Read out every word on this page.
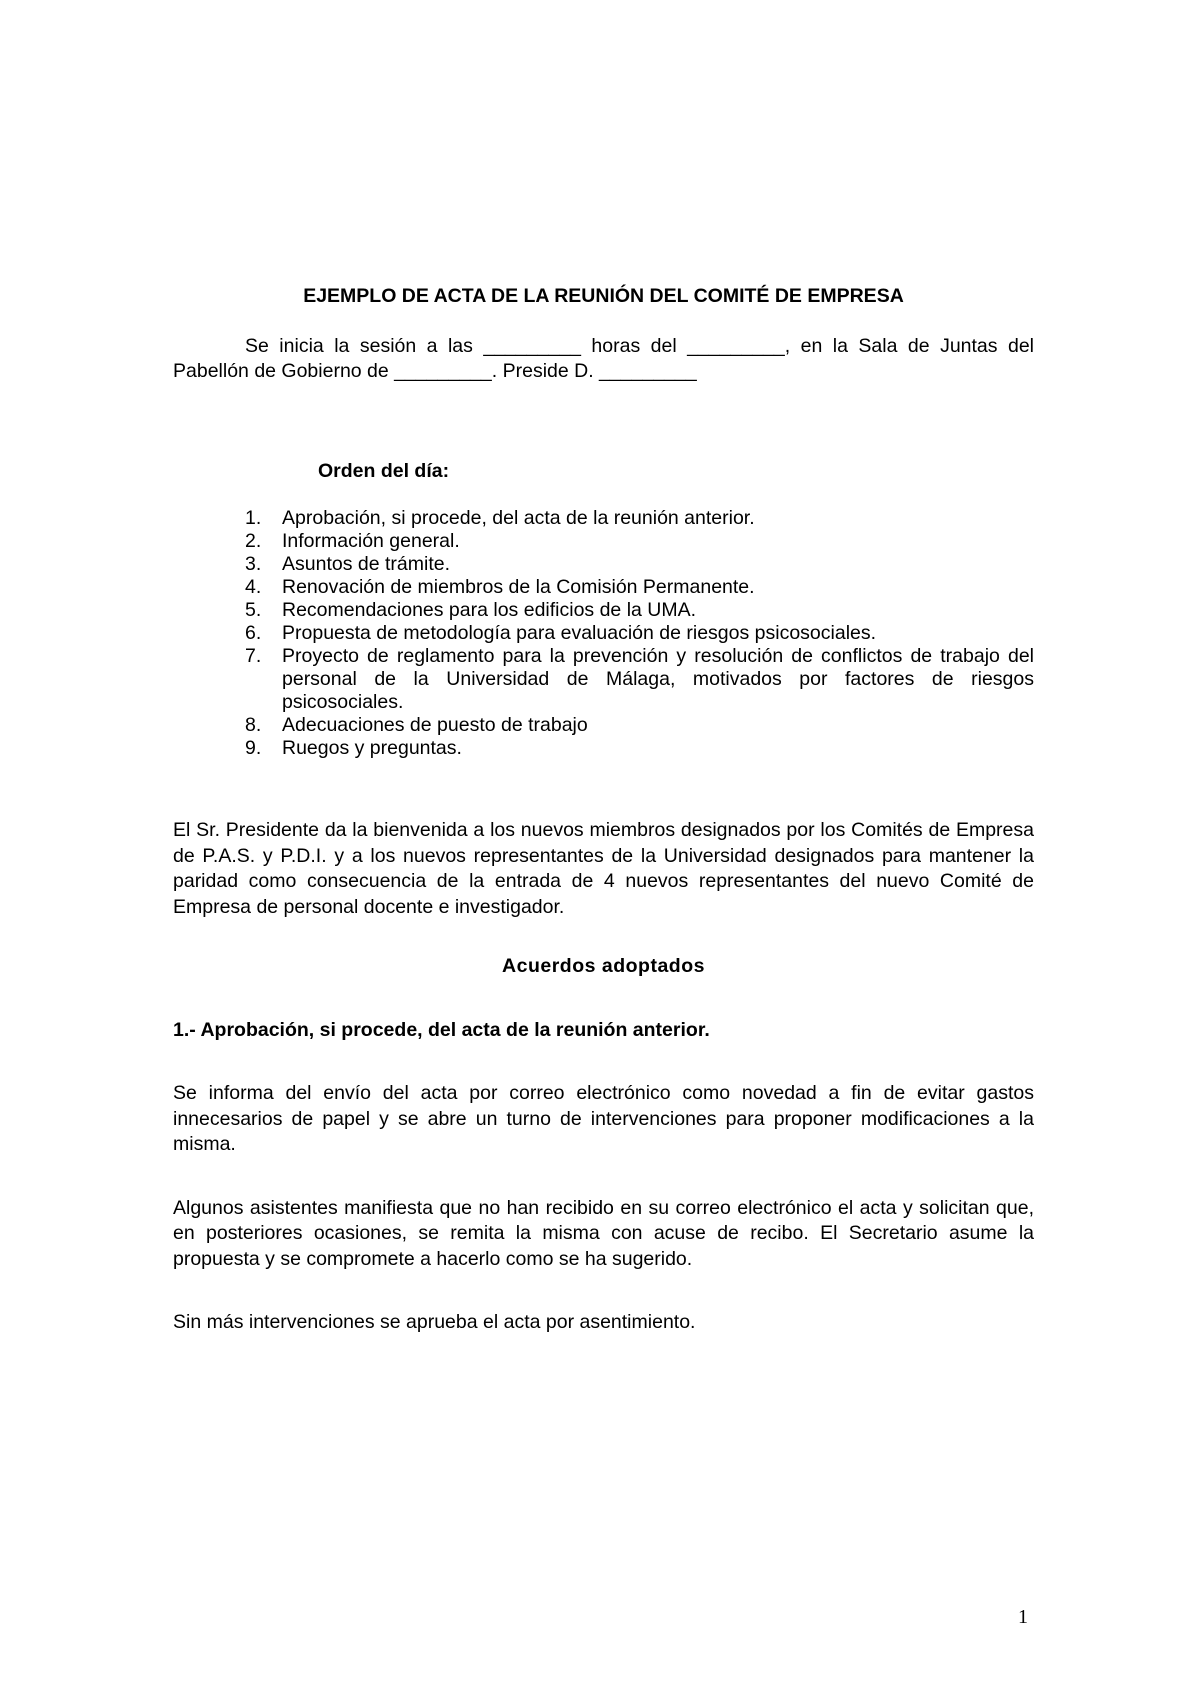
EJEMPLO DE ACTA DE LA REUNIÓN DEL COMITÉ DE EMPRESA

Se inicia la sesión a las _________ horas del _________, en la Sala de Juntas del Pabellón de Gobierno de _________. Preside D. _________

Orden del día:
1. Aprobación, si procede, del acta de la reunión anterior.
2. Información general.
3. Asuntos de trámite.
4. Renovación de miembros de la Comisión Permanente.
5. Recomendaciones para los edificios de la UMA.
6. Propuesta de metodología para evaluación de riesgos psicosociales.
7. Proyecto de reglamento para la prevención y resolución de conflictos de trabajo del personal de la Universidad de Málaga, motivados por factores de riesgos psicosociales.
8. Adecuaciones de puesto de trabajo
9. Ruegos y preguntas.

El Sr. Presidente da la bienvenida a los nuevos miembros designados por los Comités de Empresa de P.A.S. y P.D.I. y a los nuevos representantes de la Universidad designados para mantener la paridad como consecuencia de la entrada de 4 nuevos representantes del nuevo Comité de Empresa de personal docente e investigador.

Acuerdos adoptados
1.- Aprobación, si procede, del acta de la reunión anterior.

Se informa del envío del acta por correo electrónico como novedad a fin de evitar gastos innecesarios de papel y se abre un turno de intervenciones para proponer modificaciones a la misma.

Algunos asistentes manifiesta que no han recibido en su correo electrónico el acta y solicitan que, en posteriores ocasiones, se remita la misma con acuse de recibo. El Secretario asume la propuesta y se compromete a hacerlo como se ha sugerido.

Sin más intervenciones se aprueba el acta por asentimiento.

1
